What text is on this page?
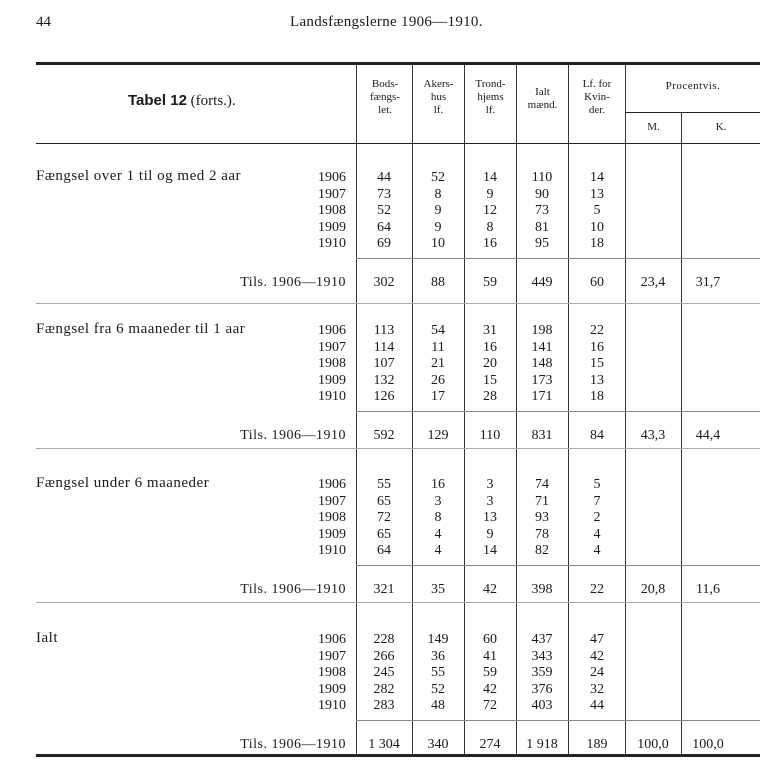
44	Landsfængslerne 1906—1910.
Tabel 12 (forts.).
Bods-
fængs-
let.
Akers-
hus
lf.
Trond-
hjems
lf.
Ialt
mænd.
Lf. for
Kvin-
der.
Procentvis.
M.	K.
Fængsel over 1 til og med 2 aar	1906	44	52	14	110	14
1907	73	8	9	90	13
1908	52	9	12	73	5
1909	64	9	8	81	10
1910	69	10	16	95	18
Tils. 1906—1910	302	88	59	449	60	23,4	31,7
Fængsel fra 6 maaneder til 1 aar	1906	113	54	31	198	22
1907	114	11	16	141	16
1908	107	21	20	148	15
1909	132	26	15	173	13
1910	126	17	28	171	18
Tils. 1906—1910	592	129	110	831	84	43,3	44,4
Fængsel under 6 maaneder	1906	55	16	3	74	5
1907	65	3	3	71	7
1908	72	8	13	93	2
1909	65	4	9	78	4
1910	64	4	14	82	4
Tils. 1906—1910	321	35	42	398	22	20,8	11,6
Ialt	1906	228	149	60	437	47
1907	266	36	41	343	42
1908	245	55	59	359	24
1909	282	52	42	376	32
1910	283	48	72	403	44
Tils. 1906—1910	1 304	340	274	1 918	189	100,0	100,0
